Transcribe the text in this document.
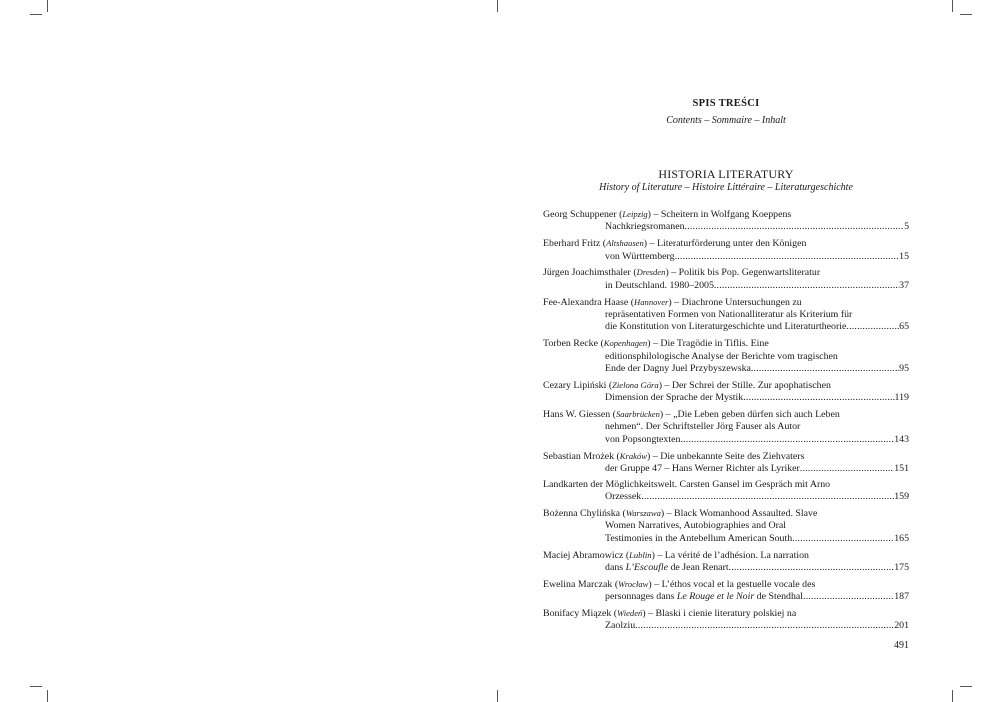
SPIS TREŚCI
Contents – Sommaire – Inhalt
HISTORIA LITERATURY
History of Literature – Histoire Littéraire – Literaturgeschichte
Georg Schuppener (Leipzig) – Scheitern in Wolfgang Koeppens
Nachkriegsromanen .....	5
Eberhard Fritz (Altshausen) – Literaturförderung unter den Königen
von Württemberg .....	15
Jürgen Joachimsthaler (Dresden) – Politik bis Pop. Gegenwartsliteratur
in Deutschland. 1980–2005 .....	37
Fee-Alexandra Haase (Hannover) – Diachrone Untersuchungen zu
repräsentativen Formen von Nationalliteratur als Kriterium für
die Konstitution von Literaturgeschichte und Literaturtheorie .....	65
Torben Recke (Kopenhagen) – Die Tragödie in Tiflis. Eine
editionsphilologische Analyse der Berichte vom tragischen
Ende der Dagny Juel Przybyszewska .....	95
Cezary Lipiński (Zielona Góra) – Der Schrei der Stille. Zur apophatischen
Dimension der Sprache der Mystik .....	119
Hans W. Giessen (Saarbrücken) – „Die Leben geben dürfen sich auch Leben
nehmen“. Der Schriftsteller Jörg Fauser als Autor
von Popsongtexten .....	143
Sebastian Mrożek (Kraków) – Die unbekannte Seite des Ziehvaters
der Gruppe 47 – Hans Werner Richter als Lyriker .....	151
Landkarten der Möglichkeitswelt. Carsten Gansel im Gespräch mit Arno
Orzessek .....	159
Bożenna Chylińska (Warszawa) – Black Womanhood Assaulted. Slave
Women Narratives, Autobiographies and Oral
Testimonies in the Antebellum American South .....	165
Maciej Abramowicz (Lublin) – La vérité de l’adhésion. La narration
dans L’Escoufle de Jean Renart .....	175
Ewelina Marczak (Wrocław) – L’éthos vocal et la gestuelle vocale des
personnages dans Le Rouge et le Noir de Stendhal .....	187
Bonifacy Miązek (Wiedeń) – Blaski i cienie literatury polskiej na
Zaolziu .....	201
491
